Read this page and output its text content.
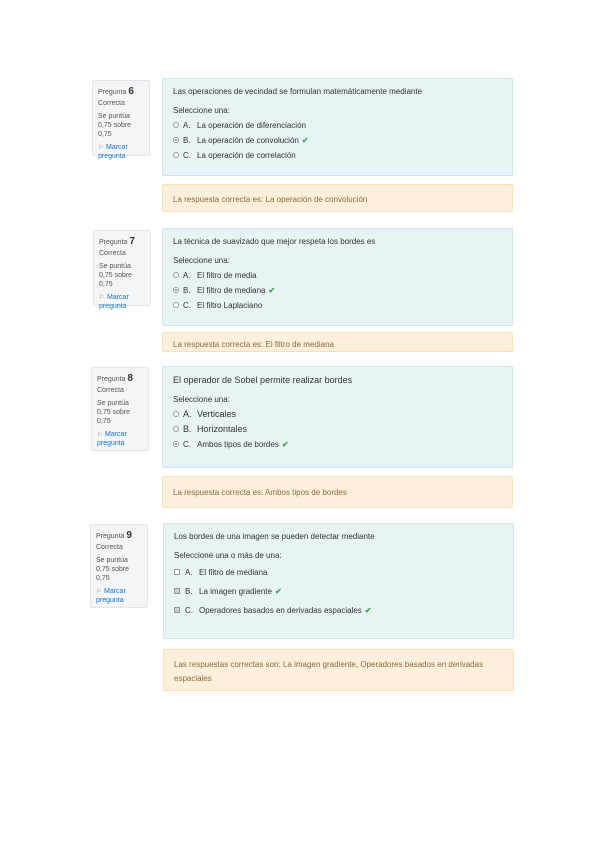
Pregunta 6
Correcta
Se puntúa 0,75 sobre 0,75
⚐ Marcar pregunta
Las operaciones de vecindad se formulan matemáticamente mediante
Seleccione una:
A. La operación de diferenciación
B. La operación de convolución ✔
C. La operación de correlación
La respuesta correcta es: La operación de convolución
Pregunta 7
Correcta
Se puntúa 0,75 sobre 0,75
⚐ Marcar pregunta
La técnica de suavizado que mejor respeta los bordes es
Seleccione una:
A. El filtro de media
B. El filtro de mediana ✔
C. El filtro Laplaciano
La respuesta correcta es: El filtro de mediana
Pregunta 8
Correcta
Se puntúa 0,75 sobre 0,75
⚐ Marcar pregunta
El operador de Sobel permite realizar bordes
Seleccione una:
A. Verticales
B. Horizontales
C. Ambos tipos de bordes ✔
La respuesta correcta es: Ambos tipos de bordes
Pregunta 9
Correcta
Se puntúa 0,75 sobre 0,75
⚐ Marcar pregunta
Los bordes de una imagen se pueden detectar mediante
Seleccione una o más de una:
A. El filtro de mediana
B. La imagen gradiente ✔
C. Operadores basados en derivadas espaciales ✔
Las respuestas correctas son: La imagen gradiente, Operadores basados en derivadas espaciales
